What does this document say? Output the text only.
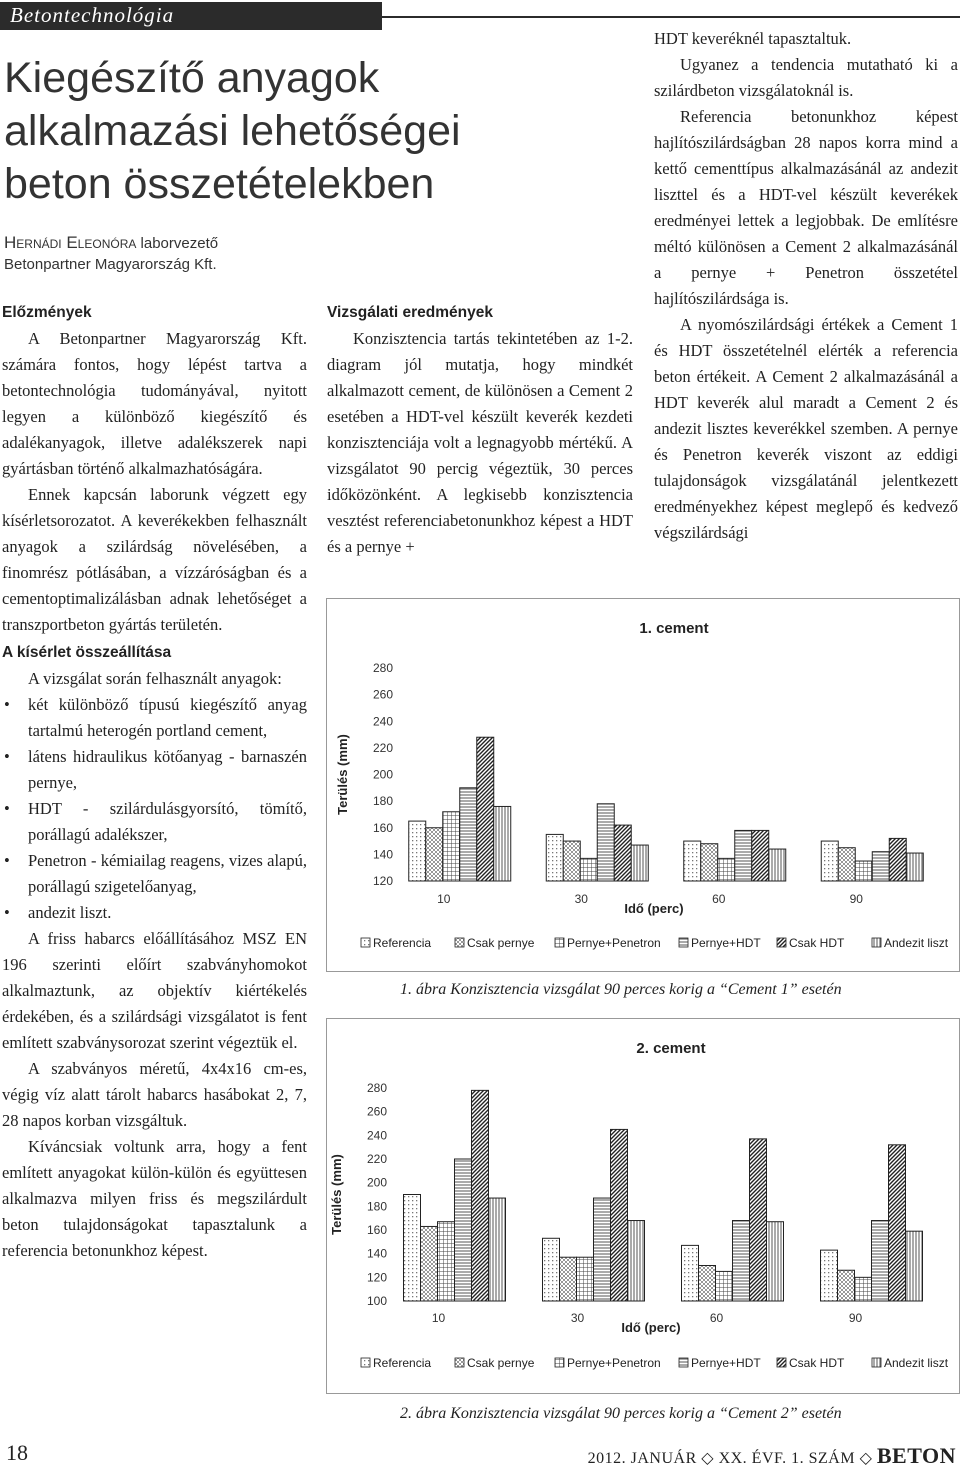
Betontechnológia
Kiegészítő anyagok alkalmazási lehetőségei beton összetételekben
Hernádi Eleonóra laborvezető
Betonpartner Magyarország Kft.

Előzmények

A Betonpartner Magyarország Kft. számára fontos, hogy lépést tartva a betontechnológia tudományával, nyitott legyen a különböző kiegészítő és adalékanyagok, illetve adalékszerek napi gyártásban történő alkalmazhatóságára.

Ennek kapcsán laborunk végzett egy kísérletsorozatot. A keverékekben felhasznált anyagok a szilárdság növelésében, a finomrész pótlásában, a vízzáróságban és a cementoptimalizálásban adnak lehetőséget a transzportbeton gyártás területén.

A kísérlet összeállítása

A vizsgálat során felhasznált anyagok:

• két különböző típusú kiegészítő anyag tartalmú heterogén portland cement,
• látens hidraulikus kötőanyag - barnaszén pernye,
• HDT - szilárdulásgyorsító, tömítő, porállagú adalékszer,
• Penetron - kémiailag reagens, vizes alapú, porállagú szigetelőanyag,
• andezit liszt.

A friss habarcs előállításához MSZ EN 196 szerinti előírt szabványhomokot alkalmaztunk, az objektív kiértékelés érdekében, és a szilárdsági vizsgálatot is fent említett szabványsorozat szerint végeztük el.

A szabványos méretű, 4x4x16 cm-es, végig víz alatt tárolt habarcs hasábokat 2, 7, 28 napos korban vizsgáltuk.

Kíváncsiak voltunk arra, hogy a fent említett anyagokat külön-külön és együttesen alkalmazva milyen friss és megszilárdult beton tulajdonságokat tapasztalunk a referencia betonunkhoz képest.

Vizsgálati eredmények

Konzisztencia tartás tekintetében az 1-2. diagram jól mutatja, hogy mindkét alkalmazott cement, de különösen a Cement 2 esetében a HDT-vel készült keverék kezdeti konzisztenciája volt a legnagyobb mértékű. A vizsgálatot 90 percig végeztük, 30 perces időközönként. A legkisebb konzisztencia vesztést referenciabetonunkhoz képest a HDT és a pernye +

HDT keveréknél tapasztaltuk.

Ugyanez a tendencia mutatható ki a szilárdbeton vizsgálatoknál is.

Referencia betonunkhoz képest hajlítószilárdságban 28 napos korra mind a kettő cementtípus alkalmazásánál az andezit liszttel és a HDT-vel készült keverékek eredményei lettek a legjobbak. De említésre méltó különösen a Cement 2 alkalmazásánál a pernye + Penetron összetétel hajlítószilárdsága is.

A nyomószilárdsági értékek a Cement 1 és HDT összetételnél elérték a referencia beton értékeit. A Cement 2 alkalmazásánál a HDT keverék alul maradt a Cement 2 és andezit lisztes keverékkel szemben. A pernye és Penetron keverék viszont az eddigi tulajdonságok vizsgálatánál jelentkezett eredményekhez képest meglepő és kedvező végszilárdsági

1. cement
120
140
160
180
200
220
240
260
280
Terülés (mm)
10	30	60	90
Idő (perc)
Referencia	Csak pernye	Pernye+Penetron	Pernye+HDT Csak HDT	Andezit liszt
1. ábra Konzisztencia vizsgálat 90 perces korig a “Cement 1” esetén
2. cement
100
120
140
160
180
200
220
240
260
280
Terülés (mm)
10	30	60	90
Idő (perc)
Referencia	Csak pernye	Pernye+Penetron	Pernye+HDT Csak HDT	Andezit liszt
2. ábra Konzisztencia vizsgálat 90 perces korig a “Cement 2” esetén
18	2012. JANUÁR ◇ XX. ÉVF. 1. SZÁM ◇ BETON
